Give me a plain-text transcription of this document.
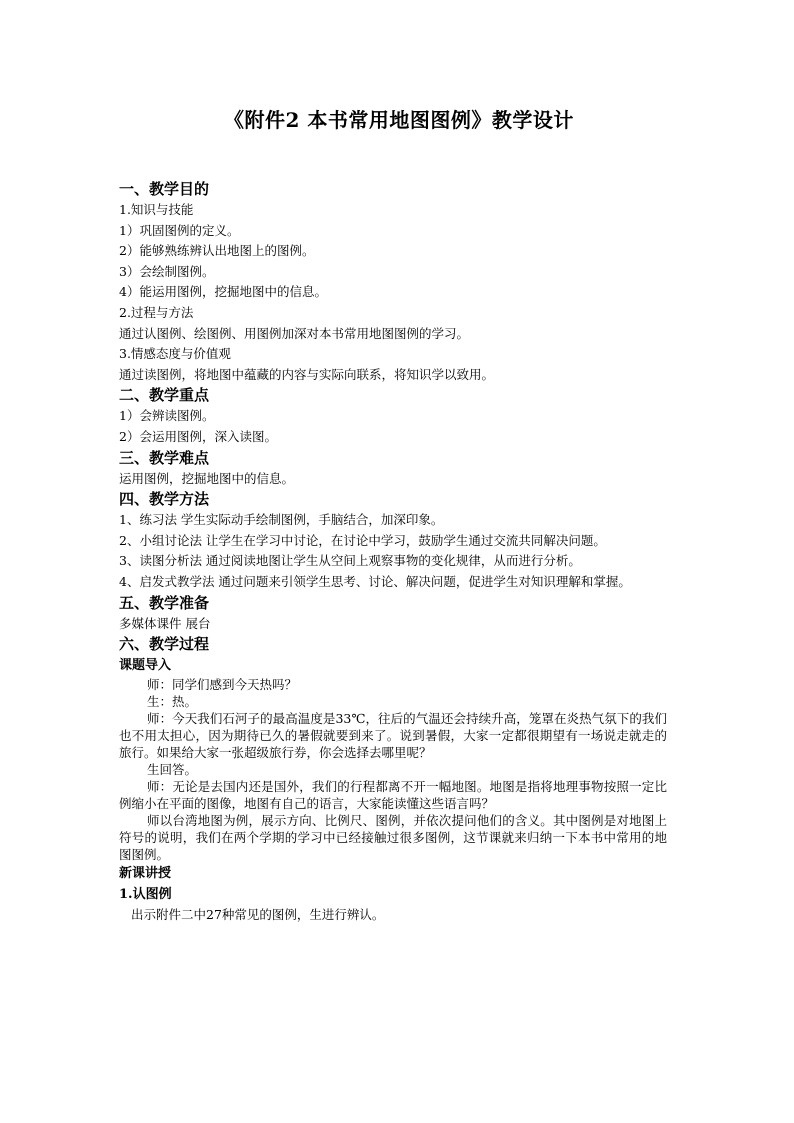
《附件2 本书常用地图图例》教学设计
一、教学目的
1.知识与技能
1）巩固图例的定义。
2）能够熟练辨认出地图上的图例。
3）会绘制图例。
4）能运用图例，挖掘地图中的信息。
2.过程与方法
通过认图例、绘图例、用图例加深对本书常用地图图例的学习。
3.情感态度与价值观
通过读图例，将地图中蕴藏的内容与实际向联系，将知识学以致用。
二、教学重点
1）会辨读图例。
2）会运用图例，深入读图。
三、教学难点
运用图例，挖掘地图中的信息。
四、教学方法
1、练习法 学生实际动手绘制图例，手脑结合，加深印象。
2、小组讨论法 让学生在学习中讨论，在讨论中学习，鼓励学生通过交流共同解决问题。
3、读图分析法 通过阅读地图让学生从空间上观察事物的变化规律，从而进行分析。
4、启发式教学法 通过问题来引领学生思考、讨论、解决问题，促进学生对知识理解和掌握。
五、教学准备
多媒体课件 展台
六、教学过程
课题导入
师：同学们感到今天热吗？
生：热。
师：今天我们石河子的最高温度是33℃，往后的气温还会持续升高，笼罩在炎热气氛下的我们也不用太担心，因为期待已久的暑假就要到来了。说到暑假，大家一定都很期望有一场说走就走的旅行。如果给大家一张超级旅行券，你会选择去哪里呢？
生回答。
师：无论是去国内还是国外，我们的行程都离不开一幅地图。地图是指将地理事物按照一定比例缩小在平面的图像，地图有自己的语言，大家能读懂这些语言吗？
师以台湾地图为例，展示方向、比例尺、图例，并依次提问他们的含义。其中图例是对地图上符号的说明，我们在两个学期的学习中已经接触过很多图例，这节课就来归纳一下本书中常用的地图图例。
新课讲授
1.认图例
出示附件二中27种常见的图例，生进行辨认。
